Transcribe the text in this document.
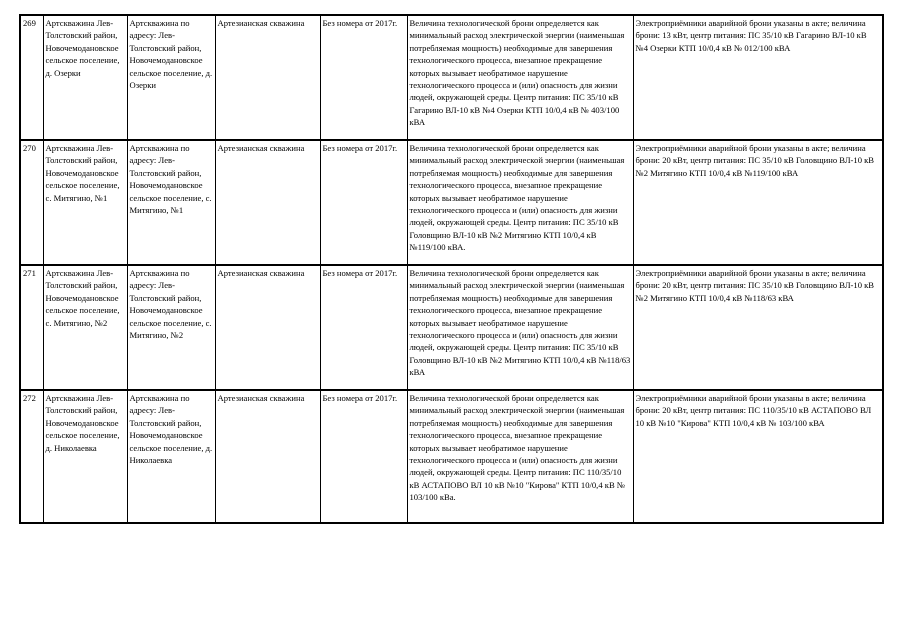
269	Артскважина Лев-Толстовский район, Новочемодановское сельское поселение, д. Озерки	Артскважина по адресу: Лев-Толстовский район, Новочемодановское сельское поселение, д. Озерки	Артезианская скважина	Без номера от 2017г.	Величина технологической брони определяется как минимальный расход электрической энергии (наименьшая потребляемая мощность) необходимые для завершения технологического процесса, внезапное прекращение которых вызывает необратимое нарушение технологического процесса и (или) опасность для жизни людей, окружающей среды. Центр питания: ПС 35/10 кВ Гагарино ВЛ-10 кВ №4 Озерки КТП 10/0,4 кВ № 403/100 кВА	Электроприёмники аварийной брони указаны в акте; величина брони: 13 кВт, центр питания: ПС 35/10 кВ Гагарино ВЛ-10 кВ №4 Озерки КТП 10/0,4 кВ № 012/100 кВА
270	Артскважина Лев-Толстовский район, Новочемодановское сельское поселение, с. Митягино, №1	Артскважина по адресу: Лев-Толстовский район, Новочемодановское сельское поселение, с. Митягино, №1	Артезианская скважина	Без номера от 2017г.	Величина технологической брони определяется как минимальный расход электрической энергии (наименьшая потребляемая мощность) необходимые для завершения технологического процесса, внезапное прекращение которых вызывает необратимое нарушение технологического процесса и (или) опасность для жизни людей, окружающей среды. Центр питания: ПС 35/10 кВ Головщино ВЛ-10 кВ №2 Митягино КТП 10/0,4 кВ №119/100 кВА.	Электроприёмники аварийной брони указаны в акте; величина брони: 20 кВт, центр питания: ПС 35/10 кВ Головщино ВЛ-10 кВ №2 Митягино КТП 10/0,4 кВ №119/100 кВА
271	Артскважина Лев-Толстовский район, Новочемодановское сельское поселение, с. Митягино, №2	Артскважина по адресу: Лев-Толстовский район, Новочемодановское сельское поселение, с. Митягино, №2	Артезианская скважина	Без номера от 2017г.	Величина технологической брони определяется как минимальный расход электрической энергии (наименьшая потребляемая мощность) необходимые для завершения технологического процесса, внезапное прекращение которых вызывает необратимое нарушение технологического процесса и (или) опасность для жизни людей, окружающей среды. Центр питания: ПС 35/10 кВ Головщино ВЛ-10 кВ №2 Митягино КТП 10/0,4 кВ №118/63 кВА	Электроприёмники аварийной брони указаны в акте; величина брони: 20 кВт, центр питания: ПС 35/10 кВ Головщино ВЛ-10 кВ №2 Митягино КТП 10/0,4 кВ №118/63 кВА
272	Артскважина Лев-Толстовский район, Новочемодановское сельское поселение, д. Николаевка	Артскважина по адресу: Лев-Толстовский район, Новочемодановское сельское поселение, д. Николаевка	Артезианская скважина	Без номера от 2017г.	Величина технологической брони определяется как минимальный расход электрической энергии (наименьшая потребляемая мощность) необходимые для завершения технологического процесса, внезапное прекращение которых вызывает необратимое нарушение технологического процесса и (или) опасность для жизни людей, окружающей среды. Центр питания: ПС 110/35/10 кВ АСТАПОВО ВЛ 10 кВ №10 "Кирова" КТП 10/0,4 кВ № 103/100 кВа.	Электроприёмники аварийной брони указаны в акте; величина брони: 20 кВт, центр питания: ПС 110/35/10 кВ АСТАПОВО ВЛ 10 кВ №10 "Кирова" КТП 10/0,4 кВ № 103/100 кВА
